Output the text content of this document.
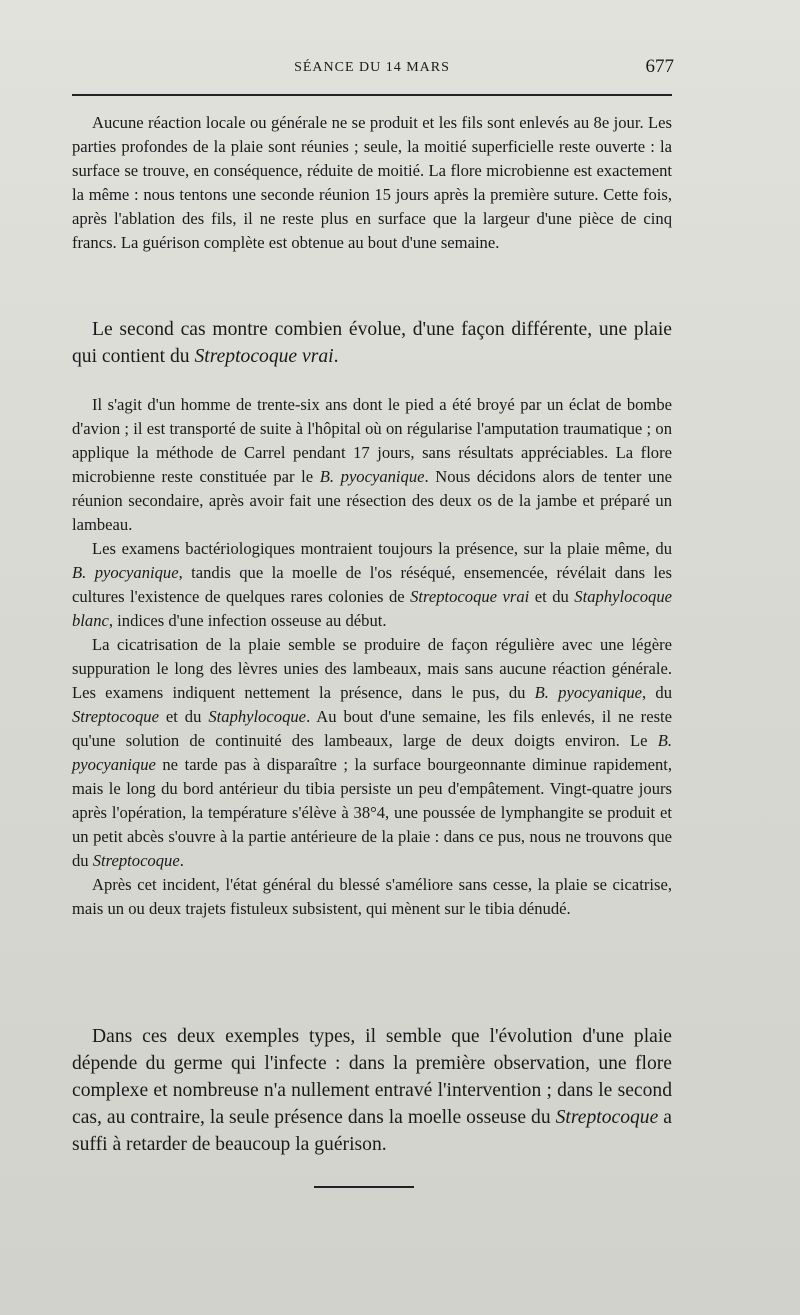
SÉANCE DU 14 MARS	677

Aucune réaction locale ou générale ne se produit et les fils sont enlevés au 8e jour. Les parties profondes de la plaie sont réunies ; seule, la moitié superficielle reste ouverte : la surface se trouve, en conséquence, réduite de moitié. La flore microbienne est exactement la même : nous tentons une seconde réunion 15 jours après la première suture. Cette fois, après l'ablation des fils, il ne reste plus en surface que la largeur d'une pièce de cinq francs. La guérison complète est obtenue au bout d'une semaine.

Le second cas montre combien évolue, d'une façon différente, une plaie qui contient du Streptocoque vrai.

Il s'agit d'un homme de trente-six ans dont le pied a été broyé par un éclat de bombe d'avion ; il est transporté de suite à l'hôpital où on régularise l'amputation traumatique ; on applique la méthode de Carrel pendant 17 jours, sans résultats appréciables. La flore microbienne reste constituée par le B. pyocyanique. Nous décidons alors de tenter une réunion secondaire, après avoir fait une résection des deux os de la jambe et préparé un lambeau.

Les examens bactériologiques montraient toujours la présence, sur la plaie même, du B. pyocyanique, tandis que la moelle de l'os réséqué, ensemencée, révélait dans les cultures l'existence de quelques rares colonies de Streptocoque vrai et du Staphylocoque blanc, indices d'une infection osseuse au début.

La cicatrisation de la plaie semble se produire de façon régulière avec une légère suppuration le long des lèvres unies des lambeaux, mais sans aucune réaction générale. Les examens indiquent nettement la présence, dans le pus, du B. pyocyanique, du Streptocoque et du Staphylocoque. Au bout d'une semaine, les fils enlevés, il ne reste qu'une solution de continuité des lambeaux, large de deux doigts environ. Le B. pyocyanique ne tarde pas à disparaître ; la surface bourgeonnante diminue rapidement, mais le long du bord antérieur du tibia persiste un peu d'empâtement. Vingt-quatre jours après l'opération, la température s'élève à 38°4, une poussée de lymphangite se produit et un petit abcès s'ouvre à la partie antérieure de la plaie : dans ce pus, nous ne trouvons que du Streptocoque.

Après cet incident, l'état général du blessé s'améliore sans cesse, la plaie se cicatrise, mais un ou deux trajets fistuleux subsistent, qui mènent sur le tibia dénudé.

Dans ces deux exemples types, il semble que l'évolution d'une plaie dépende du germe qui l'infecte : dans la première observation, une flore complexe et nombreuse n'a nullement entravé l'intervention ; dans le second cas, au contraire, la seule présence dans la moelle osseuse du Streptocoque a suffi à retarder de beaucoup la guérison.
